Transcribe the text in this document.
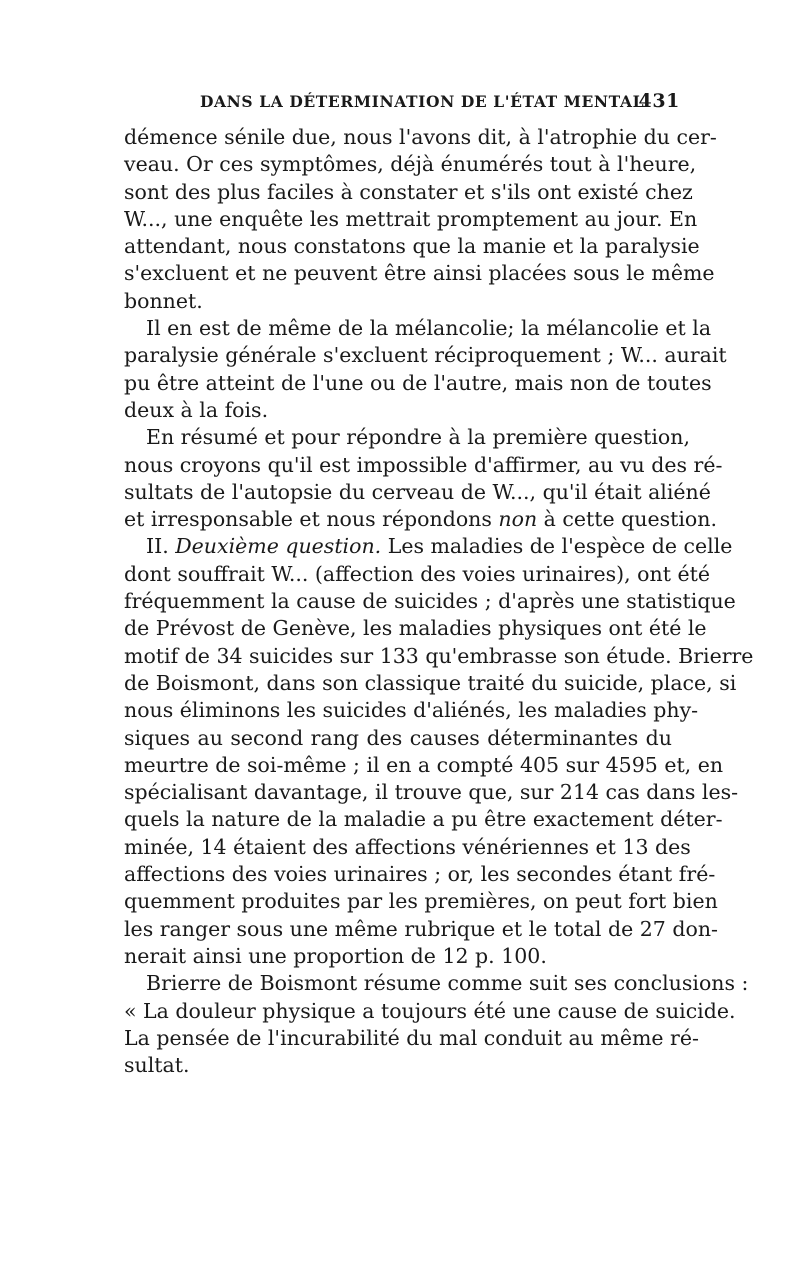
DANS LA DÉTERMINATION DE L'ÉTAT MENTAL
431
démence sénile due, nous l'avons dit, à l'atrophie du cer-
veau. Or ces symptômes, déjà énumérés tout à l'heure,
sont des plus faciles à constater et s'ils ont existé chez
W..., une enquête les mettrait promptement au jour. En
attendant, nous constatons que la manie et la paralysie
s'excluent et ne peuvent être ainsi placées sous le même
bonnet.
Il en est de même de la mélancolie; la mélancolie et la
paralysie générale s'excluent réciproquement ; W... aurait
pu être atteint de l'une ou de l'autre, mais non de toutes
deux à la fois.
En résumé et pour répondre à la première question,
nous croyons qu'il est impossible d'affirmer, au vu des ré-
sultats de l'autopsie du cerveau de W..., qu'il était aliéné
et irresponsable et nous répondons non à cette question.
II. Deuxième question. Les maladies de l'espèce de celle
dont souffrait W... (affection des voies urinaires), ont été
fréquemment la cause de suicides ; d'après une statistique
de Prévost de Genève, les maladies physiques ont été le
motif de 34 suicides sur 133 qu'embrasse son étude. Brierre
de Boismont, dans son classique traité du suicide, place, si
nous éliminons les suicides d'aliénés, les maladies phy-
siques au second rang des causes déterminantes du
meurtre de soi-même ; il en a compté 405 sur 4595 et, en
spécialisant davantage, il trouve que, sur 214 cas dans les-
quels la nature de la maladie a pu être exactement déter-
minée, 14 étaient des affections vénériennes et 13 des
affections des voies urinaires ; or, les secondes étant fré-
quemment produites par les premières, on peut fort bien
les ranger sous une même rubrique et le total de 27 don-
nerait ainsi une proportion de 12 p. 100.
Brierre de Boismont résume comme suit ses conclusions :
« La douleur physique a toujours été une cause de suicide.
La pensée de l'incurabilité du mal conduit au même ré-
sultat.
